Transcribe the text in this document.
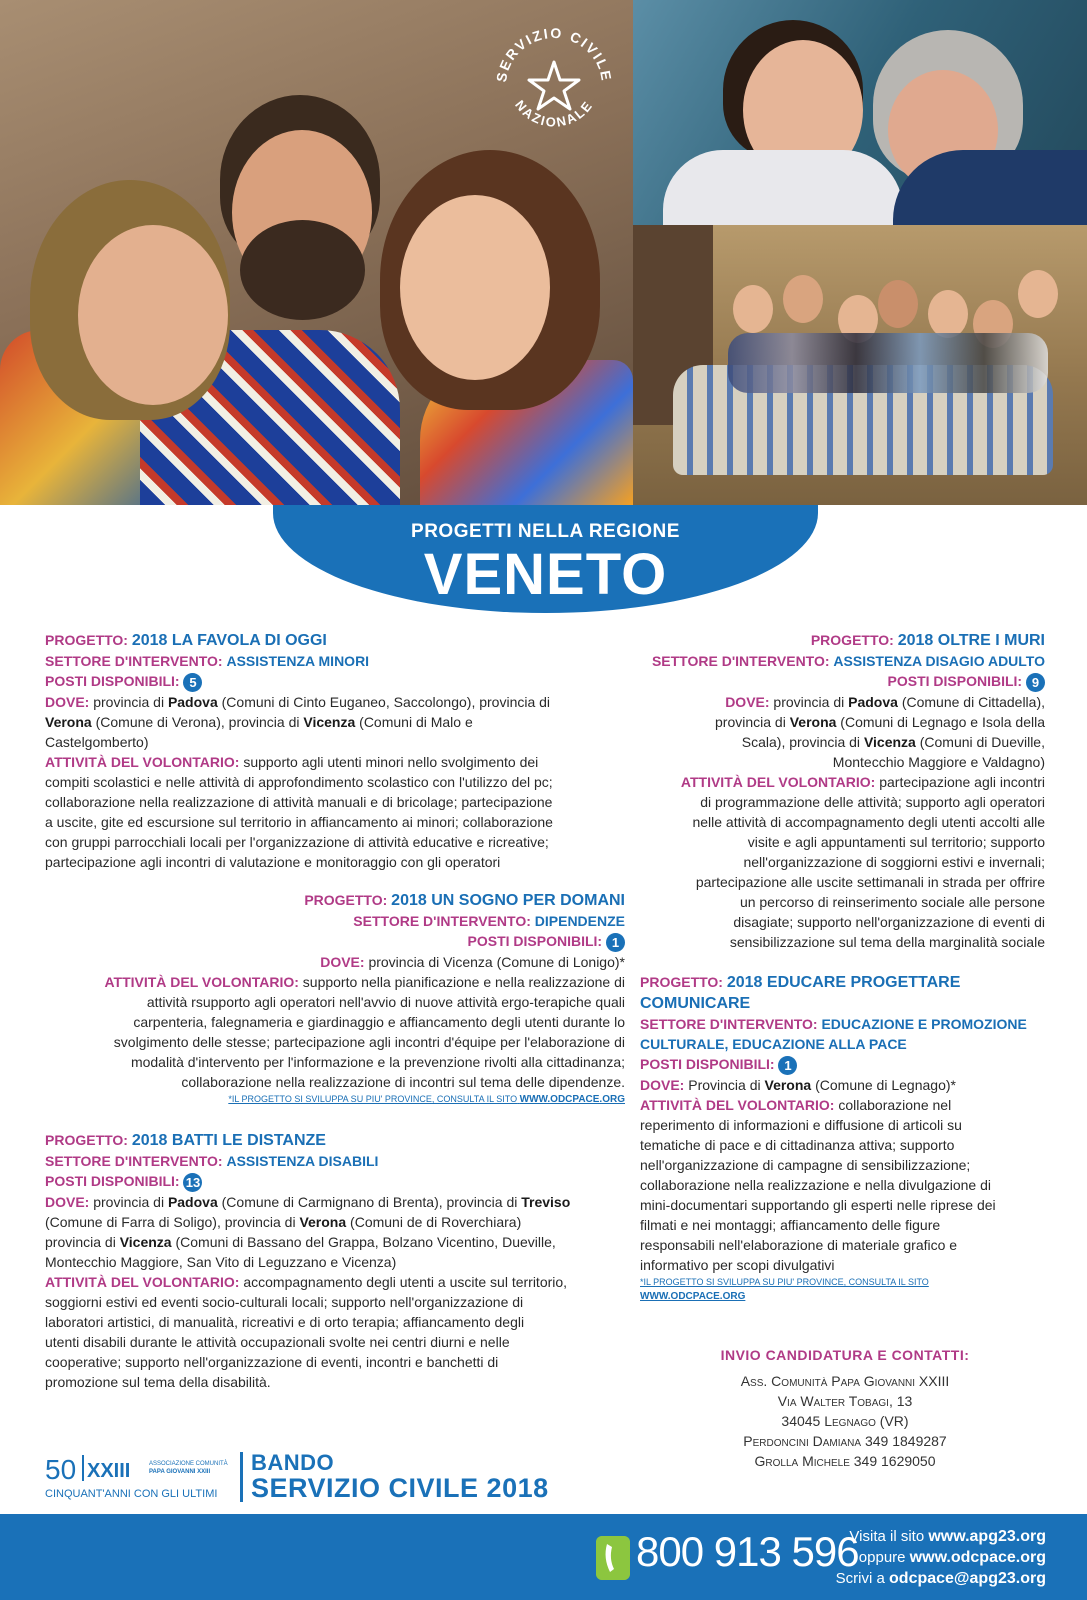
SERVIZIO CIVILE
NAZIONALE
PROGETTI NELLA REGIONE
VENETO

PROGETTO: 2018 LA FAVOLA DI OGGI

SETTORE D'INTERVENTO: ASSISTENZA MINORI

POSTI DISPONIBILI: 5

DOVE: provincia di Padova (Comuni di Cinto Euganeo, Saccolongo), provincia di

Verona (Comune di Verona), provincia di Vicenza (Comuni di Malo e

Castelgomberto)

ATTIVITÀ DEL VOLONTARIO: supporto agli utenti minori nello svolgimento dei

compiti scolastici e nelle attività di approfondimento scolastico con l'utilizzo del pc;

collaborazione nella realizzazione di attività manuali e di bricolage; partecipazione

a uscite, gite ed escursione sul territorio in affiancamento ai minori; collaborazione

con gruppi parrocchiali locali per l'organizzazione di attività educative e ricreative;

partecipazione agli incontri di valutazione e monitoraggio con gli operatori

PROGETTO: 2018 UN SOGNO PER DOMANI

SETTORE D'INTERVENTO: DIPENDENZE

POSTI DISPONIBILI: 1

DOVE: provincia di Vicenza (Comune di Lonigo)*

ATTIVITÀ DEL VOLONTARIO: supporto nella pianificazione e nella realizzazione di

attività rsupporto agli operatori nell'avvio di nuove attività ergo-terapiche quali

carpenteria, falegnameria e giardinaggio e affiancamento degli utenti durante lo

svolgimento delle stesse; partecipazione agli incontri d'équipe per l'elaborazione di

modalità d'intervento per l'informazione e la prevenzione rivolti alla cittadinanza;

collaborazione nella realizzazione di incontri sul tema delle dipendenze.

*IL PROGETTO SI SVILUPPA SU PIU' PROVINCE, CONSULTA IL SITO WWW.ODCPACE.ORG

PROGETTO: 2018 BATTI LE DISTANZE

SETTORE D'INTERVENTO: ASSISTENZA DISABILI

POSTI DISPONIBILI: 13

DOVE: provincia di Padova (Comune di Carmignano di Brenta), provincia di Treviso

(Comune di Farra di Soligo), provincia di Verona (Comuni de di Roverchiara)

provincia di Vicenza (Comuni di Bassano del Grappa, Bolzano Vicentino, Dueville,

Montecchio Maggiore, San Vito di Leguzzano e Vicenza)

ATTIVITÀ DEL VOLONTARIO: accompagnamento degli utenti a uscite sul territorio,

soggiorni estivi ed eventi socio-culturali locali; supporto nell'organizzazione di

laboratori artistici, di manualità, ricreativi e di orto terapia; affiancamento degli

utenti disabili durante le attività occupazionali svolte nei centri diurni e nelle

cooperative; supporto nell'organizzazione di eventi, incontri e banchetti di

promozione sul tema della disabilità.

PROGETTO: 2018 OLTRE I MURI

SETTORE D'INTERVENTO: ASSISTENZA DISAGIO ADULTO

POSTI DISPONIBILI: 9

DOVE: provincia di Padova (Comune di Cittadella),

provincia di Verona (Comuni di Legnago e Isola della

Scala), provincia di Vicenza (Comuni di Dueville,

Montecchio Maggiore e Valdagno)

ATTIVITÀ DEL VOLONTARIO: partecipazione agli incontri

di programmazione delle attività; supporto agli operatori

nelle attività di accompagnamento degli utenti accolti alle

visite e agli appuntamenti sul territorio; supporto

nell'organizzazione di soggiorni estivi e invernali;

partecipazione alle uscite settimanali in strada per offrire

un percorso di reinserimento sociale alle persone

disagiate; supporto nell'organizzazione di eventi di

sensibilizzazione sul tema della marginalità sociale

PROGETTO: 2018 EDUCARE PROGETTARE

COMUNICARE

SETTORE D'INTERVENTO: EDUCAZIONE E PROMOZIONE

CULTURALE, EDUCAZIONE ALLA PACE

POSTI DISPONIBILI: 1

DOVE: Provincia di Verona (Comune di Legnago)*

ATTIVITÀ DEL VOLONTARIO: collaborazione nel

reperimento di informazioni e diffusione di articoli su

tematiche di pace e di cittadinanza attiva; supporto

nell'organizzazione di campagne di sensibilizzazione;

collaborazione nella realizzazione e nella divulgazione di

mini-documentari supportando gli esperti nelle riprese dei

filmati e nei montaggi; affiancamento delle figure

responsabili nell'elaborazione di materiale grafico e

informativo per scopi divulgativi

*IL PROGETTO SI SVILUPPA SU PIU' PROVINCE, CONSULTA IL SITO

WWW.ODCPACE.ORG

INVIO CANDIDATURA E CONTATTI:

Ass. Comunità Papa Giovanni XXIII

Via Walter Tobagi, 13

34045 Legnago (VR)

Perdoncini Damiana 349 1849287

Grolla Michele 349 1629050

50 XXIII	ASSOCIAZIONE COMUNITÀ
PAPA GIOVANNI XXIII
CINQUANT'ANNI CON GLI ULTIMI
BANDO
SERVIZIO CIVILE 2018
800 913 596
Visita il sito www.apg23.org
oppure www.odcpace.org
Scrivi a odcpace@apg23.org
